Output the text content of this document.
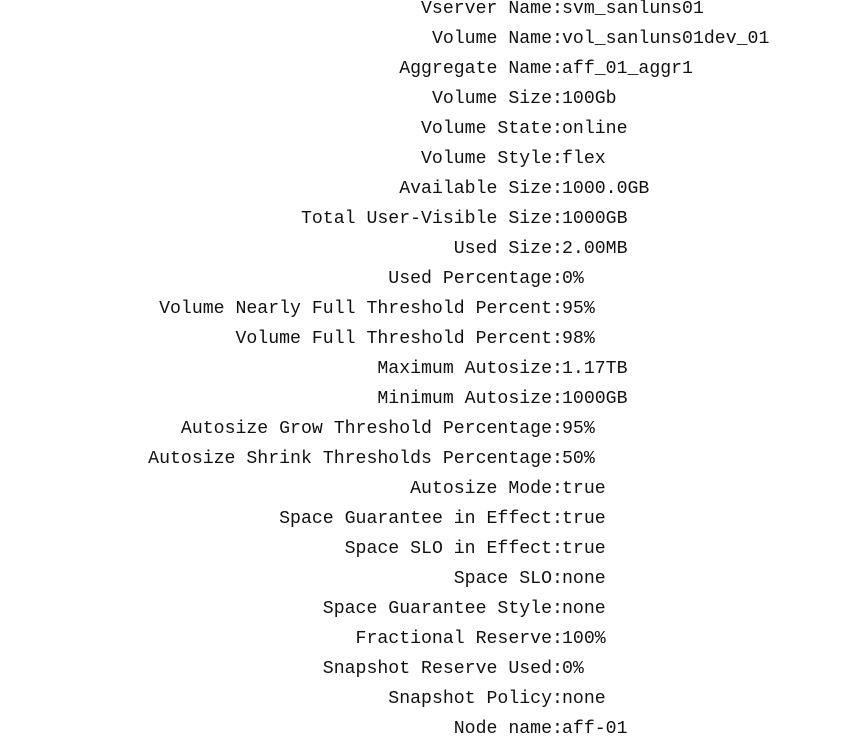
Vserver Name : svm_sanluns01
Volume Name : vol_sanluns01dev_01
Aggregate Name : aff_01_aggr1
Volume Size : 100Gb
Volume State : online
Volume Style : flex
Available Size : 1000.0GB
Total User-Visible Size : 1000GB
Used Size : 2.00MB
Used Percentage : 0%
Volume Nearly Full Threshold Percent : 95%
Volume Full Threshold Percent : 98%
Maximum Autosize : 1.17TB
Minimum Autosize : 1000GB
Autosize Grow Threshold Percentage : 95%
Autosize Shrink Thresholds Percentage : 50%
Autosize Mode : true
Space Guarantee in Effect : true
Space SLO in Effect : true
Space SLO : none
Space Guarantee Style : none
Fractional Reserve : 100%
Snapshot Reserve Used : 0%
Snapshot Policy : none
Node name : aff-01
